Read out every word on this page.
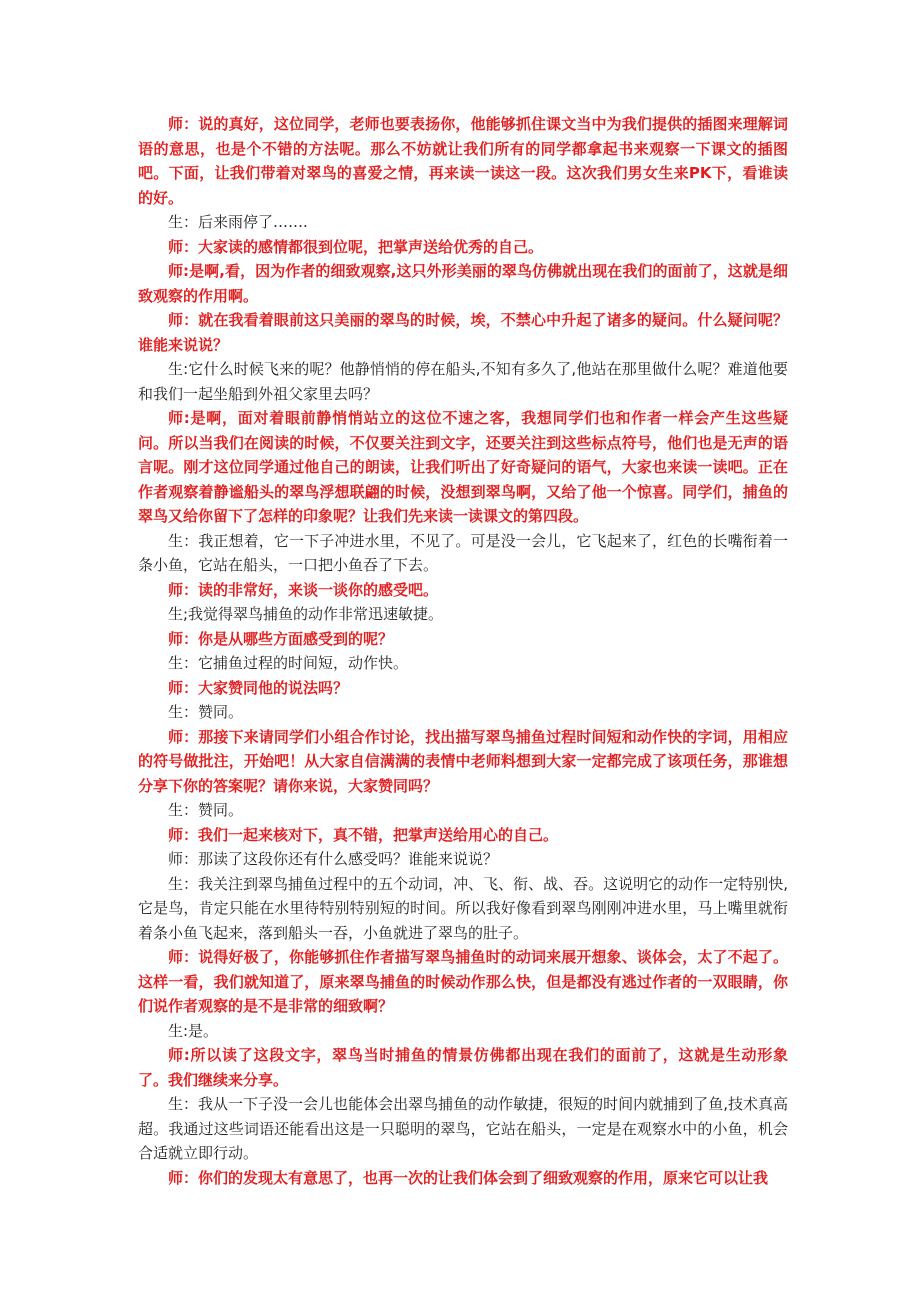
师：说的真好，这位同学，老师也要表扬你，他能够抓住课文当中为我们提供的插图来理解词语的意思，也是个不错的方法呢。那么不妨就让我们所有的同学都拿起书来观察一下课文的插图吧。下面，让我们带着对翠鸟的喜爱之情，再来读一读这一段。这次我们男女生来PK下，看谁读的好。

生：后来雨停了…….

师：大家读的感情都很到位呢，把掌声送给优秀的自己。

师:是啊,看，因为作者的细致观察,这只外形美丽的翠鸟仿佛就出现在我们的面前了，这就是细致观察的作用啊。

师：就在我看着眼前这只美丽的翠鸟的时候，埃，不禁心中升起了诸多的疑问。什么疑问呢？谁能来说说？

生:它什么时候飞来的呢？他静悄悄的停在船头,不知有多久了,他站在那里做什么呢？难道他要和我们一起坐船到外祖父家里去吗？

师:是啊，面对着眼前静悄悄站立的这位不速之客，我想同学们也和作者一样会产生这些疑问。所以当我们在阅读的时候，不仅要关注到文字，还要关注到这些标点符号，他们也是无声的语言呢。刚才这位同学通过他自己的朗读，让我们听出了好奇疑问的语气，大家也来读一读吧。正在作者观察着静谧船头的翠鸟浮想联翩的时候，没想到翠鸟啊，又给了他一个惊喜。同学们，捕鱼的翠鸟又给你留下了怎样的印象呢？让我们先来读一读课文的第四段。

生：我正想着，它一下子冲进水里，不见了。可是没一会儿，它飞起来了，红色的长嘴衔着一条小鱼，它站在船头，一口把小鱼吞了下去。

师：读的非常好，来谈一谈你的感受吧。

生;我觉得翠鸟捕鱼的动作非常迅速敏捷。

师：你是从哪些方面感受到的呢？

生：它捕鱼过程的时间短，动作快。

师：大家赞同他的说法吗？

生：赞同。

师：那接下来请同学们小组合作讨论，找出描写翠鸟捕鱼过程时间短和动作快的字词，用相应的符号做批注，开始吧！从大家自信满满的表情中老师料想到大家一定都完成了该项任务，那谁想分享下你的答案呢？请你来说，大家赞同吗？

生：赞同。

师：我们一起来核对下，真不错，把掌声送给用心的自己。

师：那读了这段你还有什么感受吗？谁能来说说？

生：我关注到翠鸟捕鱼过程中的五个动词，冲、飞、衔、战、吞。这说明它的动作一定特别快,它是鸟，肯定只能在水里待特别特别短的时间。所以我好像看到翠鸟刚刚冲进水里，马上嘴里就衔着条小鱼飞起来，落到船头一吞，小鱼就进了翠鸟的肚子。

师：说得好极了，你能够抓住作者描写翠鸟捕鱼时的动词来展开想象、谈体会，太了不起了。这样一看，我们就知道了，原来翠鸟捕鱼的时候动作那么快，但是都没有逃过作者的一双眼睛，你们说作者观察的是不是非常的细致啊？

生:是。

师:所以读了这段文字，翠鸟当时捕鱼的情景仿佛都出现在我们的面前了，这就是生动形象了。我们继续来分享。

生：我从一下子没一会儿也能体会出翠鸟捕鱼的动作敏捷，很短的时间内就捕到了鱼,技术真高超。我通过这些词语还能看出这是一只聪明的翠鸟，它站在船头，一定是在观察水中的小鱼，机会合适就立即行动。

师：你们的发现太有意思了，也再一次的让我们体会到了细致观察的作用，原来它可以让我
